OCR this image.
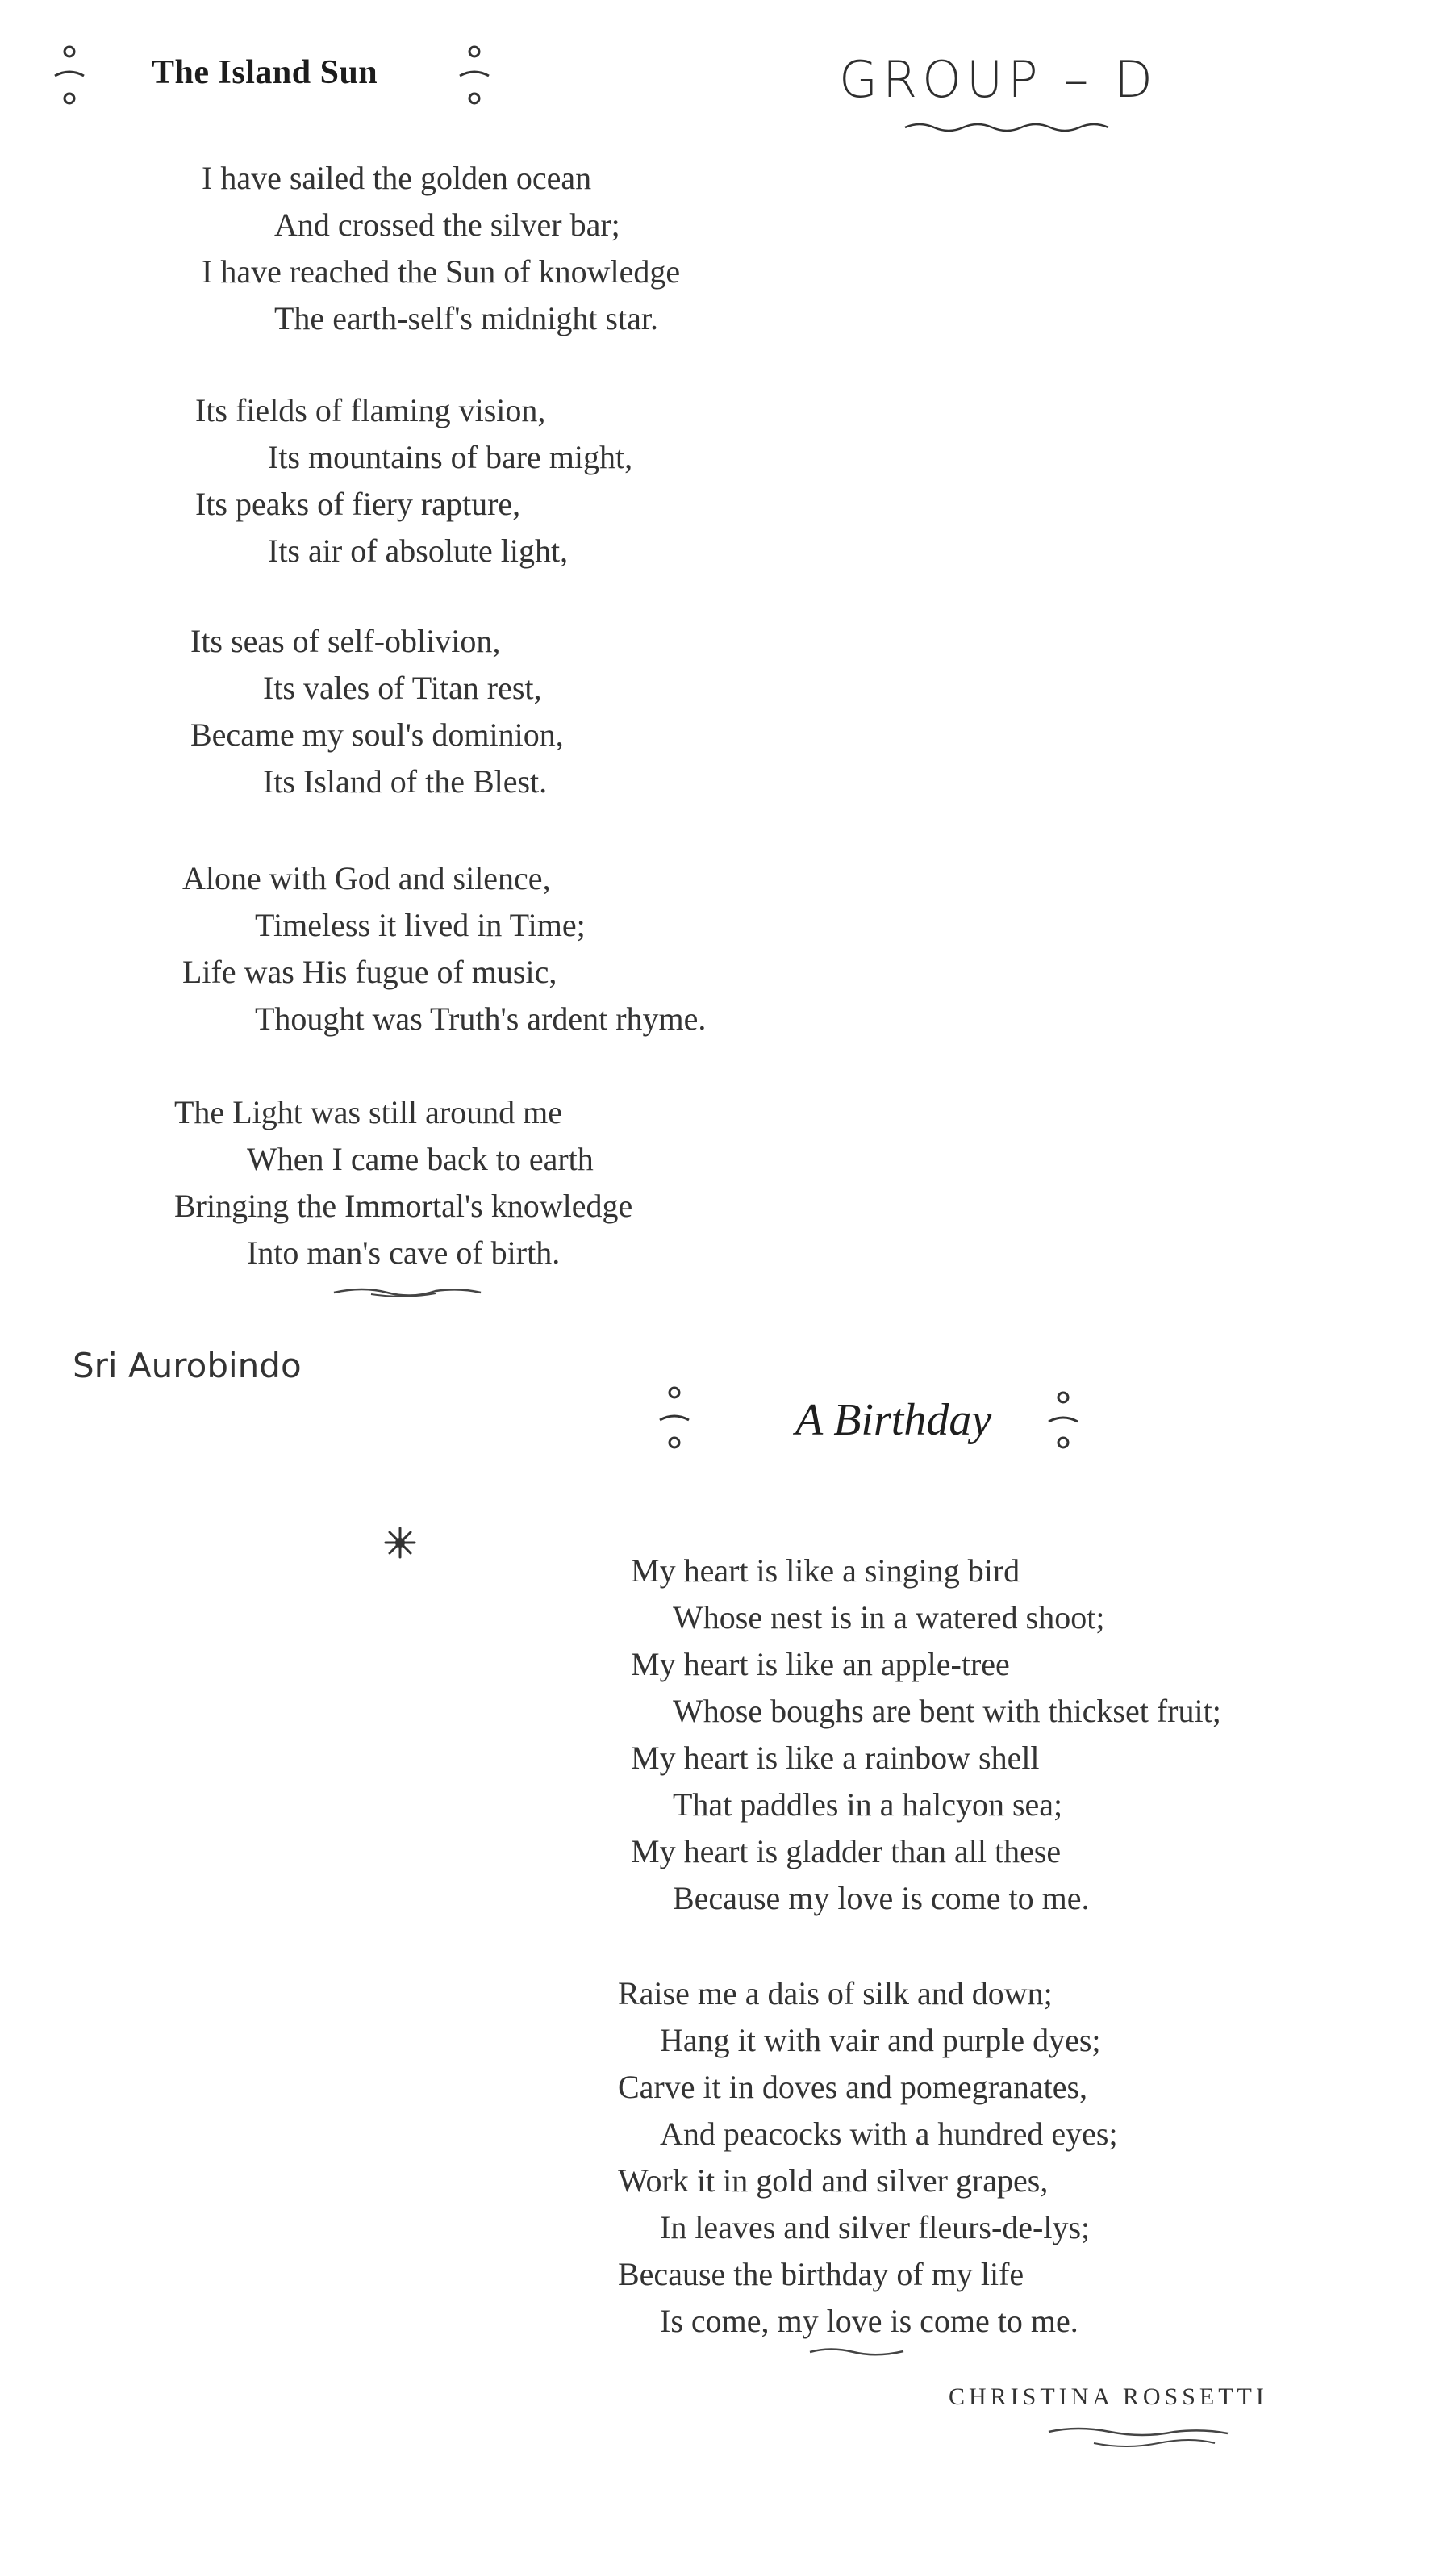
The Island Sun	GROUP – D
I have sailed the golden ocean
And crossed the silver bar;
I have reached the Sun of knowledge
The earth-self's midnight star.
Its fields of flaming vision,
Its mountains of bare might,
Its peaks of fiery rapture,
Its air of absolute light,
Its seas of self-oblivion,
Its vales of Titan rest,
Became my soul's dominion,
Its Island of the Blest.
Alone with God and silence,
Timeless it lived in Time;
Life was His fugue of music,
Thought was Truth's ardent rhyme.
The Light was still around me
When I came back to earth
Bringing the Immortal's knowledge
Into man's cave of birth.
Sri Aurobindo
A Birthday
My heart is like a singing bird
Whose nest is in a watered shoot;
My heart is like an apple-tree
Whose boughs are bent with thickset fruit;
My heart is like a rainbow shell
That paddles in a halcyon sea;
My heart is gladder than all these
Because my love is come to me.
Raise me a dais of silk and down;
Hang it with vair and purple dyes;
Carve it in doves and pomegranates,
And peacocks with a hundred eyes;
Work it in gold and silver grapes,
In leaves and silver fleurs-de-lys;
Because the birthday of my life
Is come, my love is come to me.
CHRISTINA ROSSETTI
